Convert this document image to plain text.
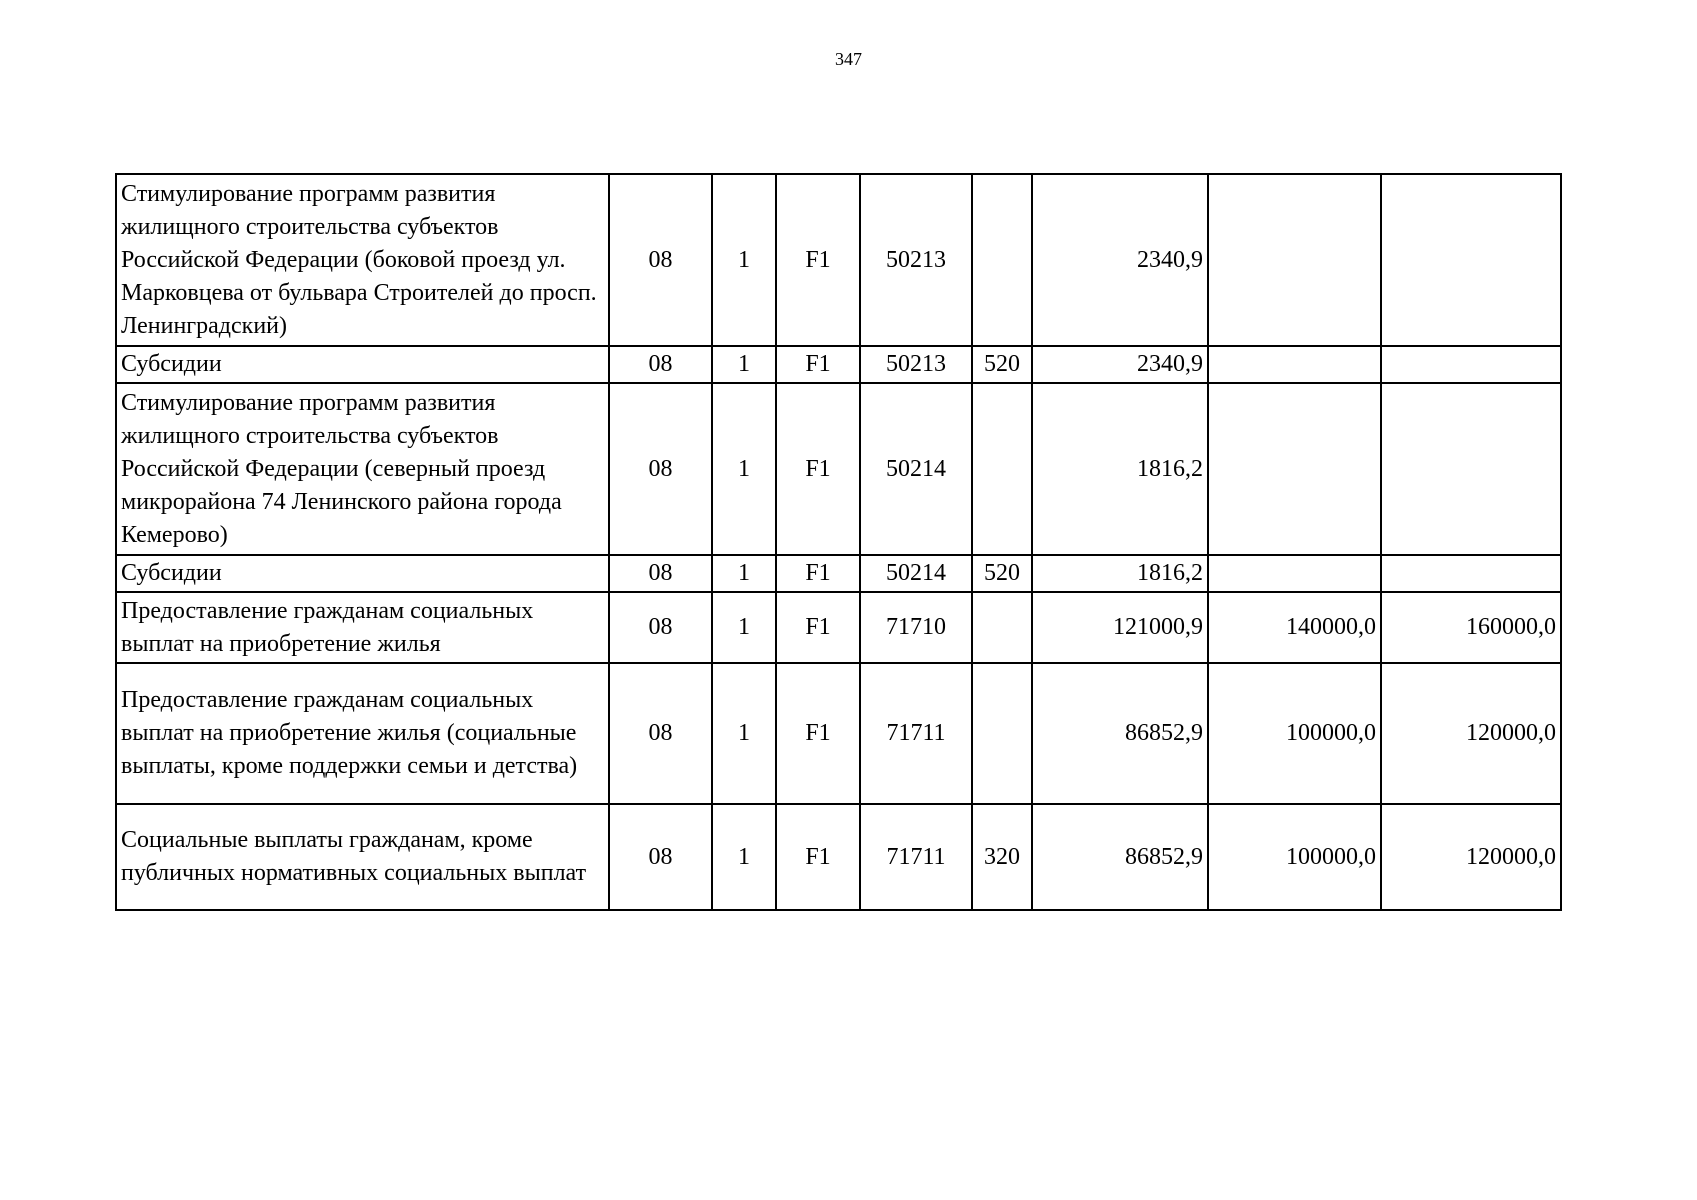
347
Стимулирование программ развития жилищного строительства субъектов Российской Федерации (боковой проезд ул. Марковцева от бульвара Строителей до просп. Ленинградский)	08	1	F1	50213		2340,9		
Субсидии	08	1	F1	50213	520	2340,9		
Стимулирование программ развития жилищного строительства субъектов Российской Федерации (северный проезд микрорайона 74 Ленинского района города Кемерово)	08	1	F1	50214		1816,2		
Субсидии	08	1	F1	50214	520	1816,2		
Предоставление гражданам социальных выплат на приобретение жилья	08	1	F1	71710		121000,9	140000,0	160000,0
Предоставление гражданам социальных выплат на приобретение жилья (социальные выплаты, кроме поддержки семьи и детства)	08	1	F1	71711		86852,9	100000,0	120000,0
Социальные выплаты гражданам, кроме публичных нормативных социальных выплат	08	1	F1	71711	320	86852,9	100000,0	120000,0
